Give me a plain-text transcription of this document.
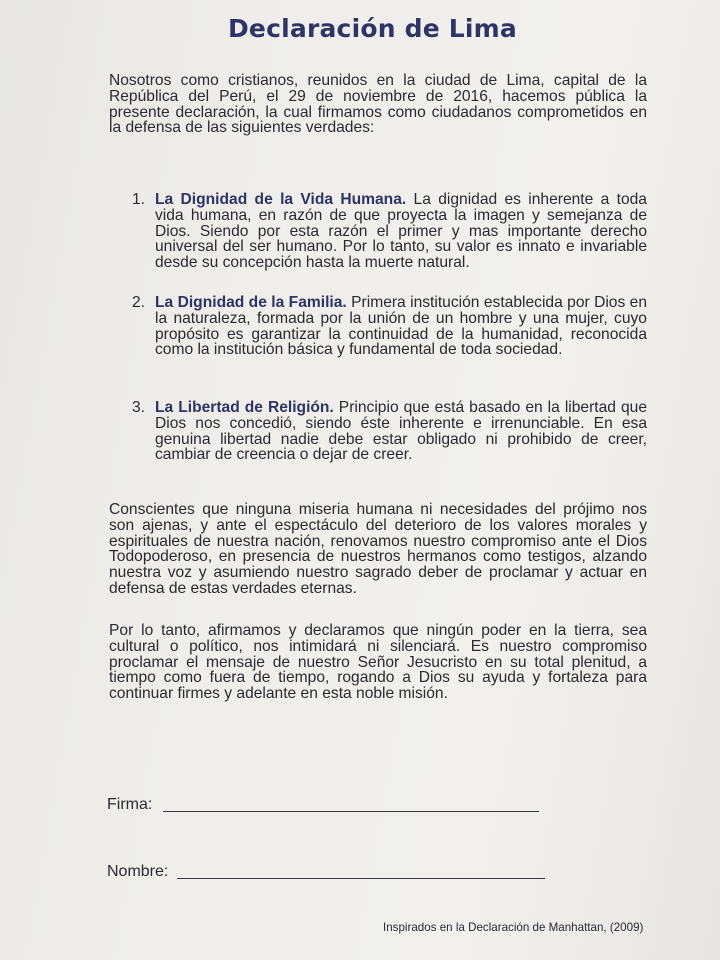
Declaración de Lima
Nosotros como cristianos, reunidos en la ciudad de Lima, capital de la República del Perú, el 29 de noviembre de 2016, hacemos pública la presente declaración, la cual firmamos como ciudadanos comprometidos en la defensa de las siguientes verdades:
1. La Dignidad de la Vida Humana. La dignidad es inherente a toda vida humana, en razón de que proyecta la imagen y semejanza de Dios. Siendo por esta razón el primer y mas importante derecho universal del ser humano. Por lo tanto, su valor es innato e invariable desde su concepción hasta la muerte natural.
2. La Dignidad de la Familia. Primera institución establecida por Dios en la naturaleza, formada por la unión de un hombre y una mujer, cuyo propósito es garantizar la continuidad de la humanidad, reconocida como la institución básica y fundamental de toda sociedad.
3. La Libertad de Religión. Principio que está basado en la libertad que Dios nos concedió, siendo éste inherente e irrenunciable. En esa genuina libertad nadie debe estar obligado ni prohibido de creer, cambiar de creencia o dejar de creer.
Conscientes que ninguna miseria humana ni necesidades del prójimo nos son ajenas, y ante el espectáculo del deterioro de los valores morales y espirituales de nuestra nación, renovamos nuestro compromiso ante el Dios Todopoderoso, en presencia de nuestros hermanos como testigos, alzando nuestra voz y asumiendo nuestro sagrado deber de proclamar y actuar en defensa de estas verdades eternas.
Por lo tanto, afirmamos y declaramos que ningún poder en la tierra, sea cultural o político, nos intimidará ni silenciará. Es nuestro compromiso proclamar el mensaje de nuestro Señor Jesucristo en su total plenitud, a tiempo como fuera de tiempo, rogando a Dios su ayuda y fortaleza para continuar firmes y adelante en esta noble misión.
Firma:
Nombre:
Inspirados en la Declaración de Manhattan, (2009)
